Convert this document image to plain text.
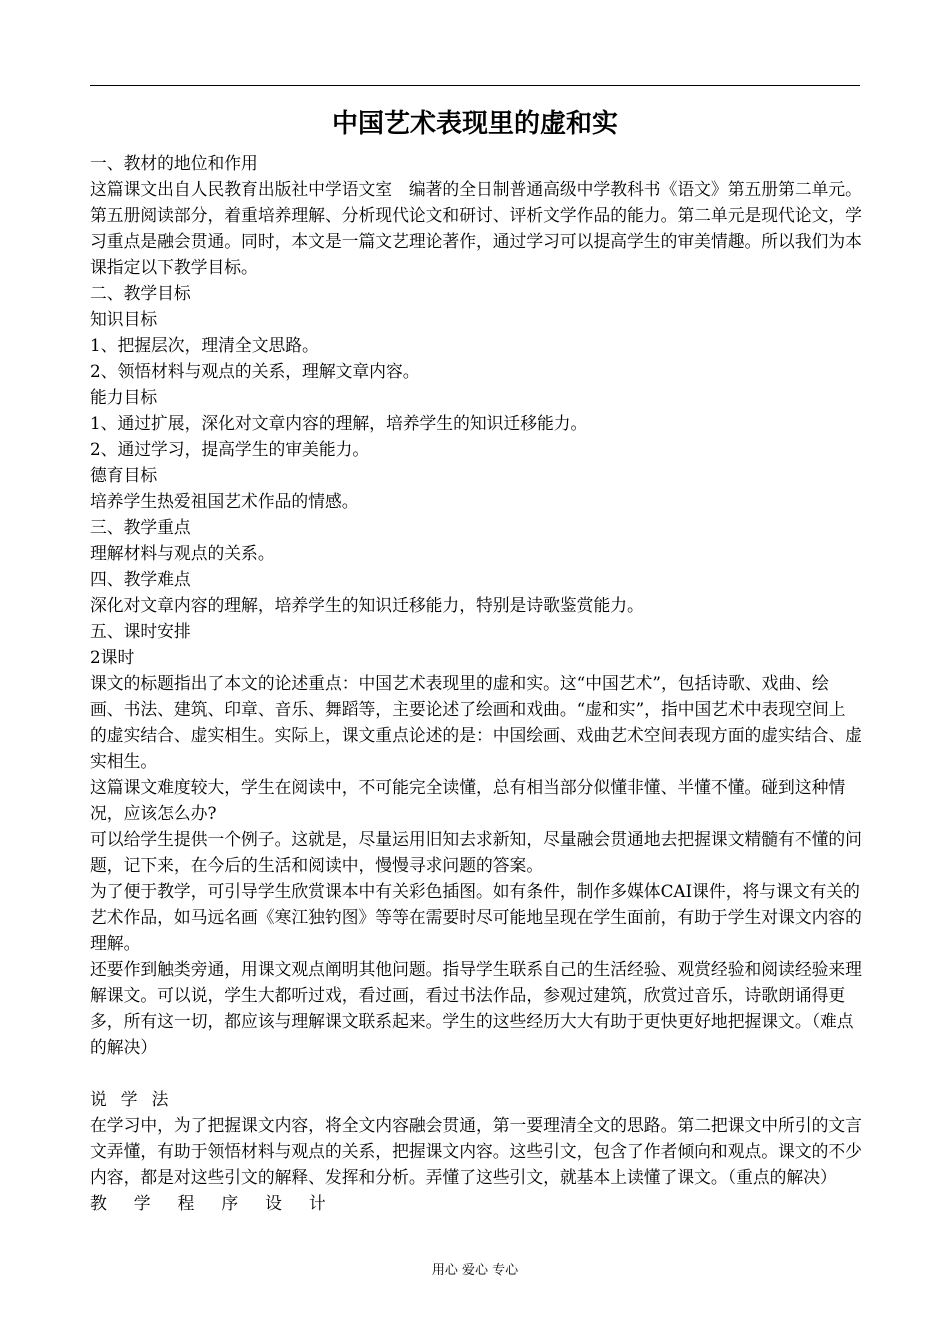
中国艺术表现里的虚和实

一、教材的地位和作用

这篇课文出自人民教育出版社中学语文室　编著的全日制普通高级中学教科书《语文》第五册第二单元。第五册阅读部分，着重培养理解、分析现代论文和研讨、评析文学作品的能力。第二单元是现代论文，学习重点是融会贯通。同时，本文是一篇文艺理论著作，通过学习可以提高学生的审美情趣。所以我们为本课指定以下教学目标。

二、教学目标

知识目标

1、把握层次，理清全文思路。

2、领悟材料与观点的关系，理解文章内容。

能力目标

1、通过扩展，深化对文章内容的理解，培养学生的知识迁移能力。

2、通过学习，提高学生的审美能力。

德育目标

培养学生热爱祖国艺术作品的情感。

三、教学重点

理解材料与观点的关系。

四、教学难点

深化对文章内容的理解，培养学生的知识迁移能力，特别是诗歌鉴赏能力。

五、课时安排

2课时

课文的标题指出了本文的论述重点：中国艺术表现里的虚和实。这“中国艺术”，包括诗歌、戏曲、绘画、书法、建筑、印章、音乐、舞蹈等，主要论述了绘画和戏曲。“虚和实”，指中国艺术中表现空间上的虚实结合、虚实相生。实际上，课文重点论述的是：中国绘画、戏曲艺术空间表现方面的虚实结合、虚实相生。

这篇课文难度较大，学生在阅读中，不可能完全读懂，总有相当部分似懂非懂、半懂不懂。碰到这种情况，应该怎么办?

可以给学生提供一个例子。这就是，尽量运用旧知去求新知，尽量融会贯通地去把握课文精髓有不懂的问题，记下来，在今后的生活和阅读中，慢慢寻求问题的答案。

为了便于教学，可引导学生欣赏课本中有关彩色插图。如有条件，制作多媒体CAI课件，将与课文有关的艺术作品，如马远名画《寒江独钓图》等等在需要时尽可能地呈现在学生面前，有助于学生对课文内容的理解。

还要作到触类旁通，用课文观点阐明其他问题。指导学生联系自己的生活经验、观赏经验和阅读经验来理解课文。可以说，学生大都听过戏，看过画，看过书法作品，参观过建筑，欣赏过音乐，诗歌朗诵得更多，所有这一切，都应该与理解课文联系起来。学生的这些经历大大有助于更快更好地把握课文。（难点的解决）

说学法

在学习中，为了把握课文内容，将全文内容融会贯通，第一要理清全文的思路。第二把课文中所引的文言文弄懂，有助于领悟材料与观点的关系，把握课文内容。这些引文，包含了作者倾向和观点。课文的不少内容，都是对这些引文的解释、发挥和分析。弄懂了这些引文，就基本上读懂了课文。（重点的解决）

教学程序设计

用心 爱心 专心
